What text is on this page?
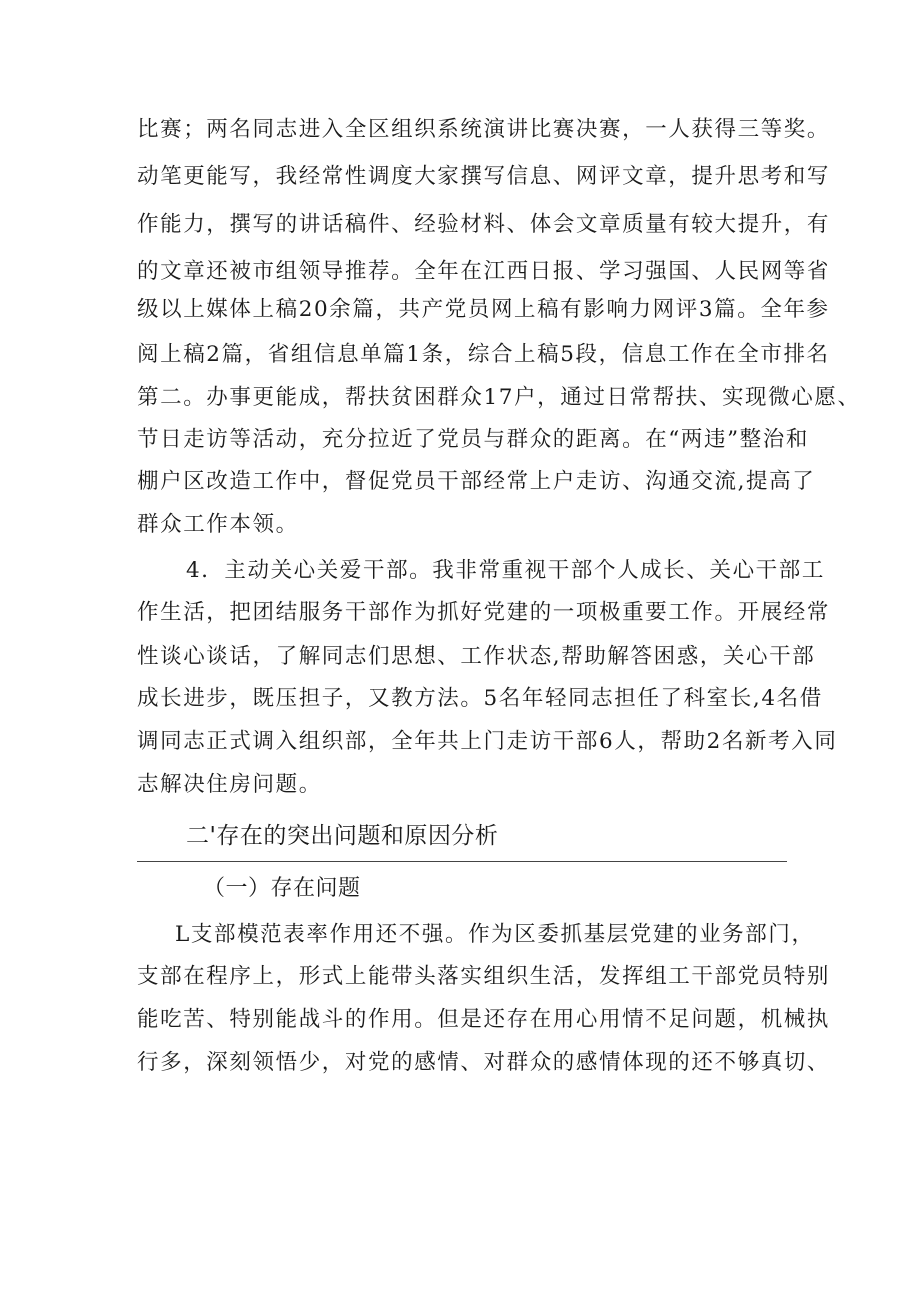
比赛；两名同志进入全区组织系统演讲比赛决赛，一人获得三等奖。
动笔更能写，我经常性调度大家撰写信息、网评文章，提升思考和写
作能力，撰写的讲话稿件、经验材料、体会文章质量有较大提升，有
的文章还被市组领导推荐。全年在江西日报、学习强国、人民网等省
级以上媒体上稿20余篇，共产党员网上稿有影响力网评3篇。全年参
阅上稿2篇，省组信息单篇1条，综合上稿5段，信息工作在全市排名
第二。办事更能成，帮扶贫困群众17户，通过日常帮扶、实现微心愿、
节日走访等活动，充分拉近了党员与群众的距离。在“两违”整治和
棚户区改造工作中，督促党员干部经常上户走访、沟通交流,提高了
群众工作本领。
4．主动关心关爱干部。我非常重视干部个人成长、关心干部工
作生活，把团结服务干部作为抓好党建的一项极重要工作。开展经常
性谈心谈话，了解同志们思想、工作状态,帮助解答困惑，关心干部
成长进步，既压担子，又教方法。5名年轻同志担任了科室长,4名借
调同志正式调入组织部，全年共上门走访干部6人，帮助2名新考入同
志解决住房问题。
二'存在的突出问题和原因分析
（一）存在问题
L支部模范表率作用还不强。作为区委抓基层党建的业务部门，
支部在程序上，形式上能带头落实组织生活，发挥组工干部党员特别
能吃苦、特别能战斗的作用。但是还存在用心用情不足问题，机械执
行多，深刻领悟少，对党的感情、对群众的感情体现的还不够真切、
